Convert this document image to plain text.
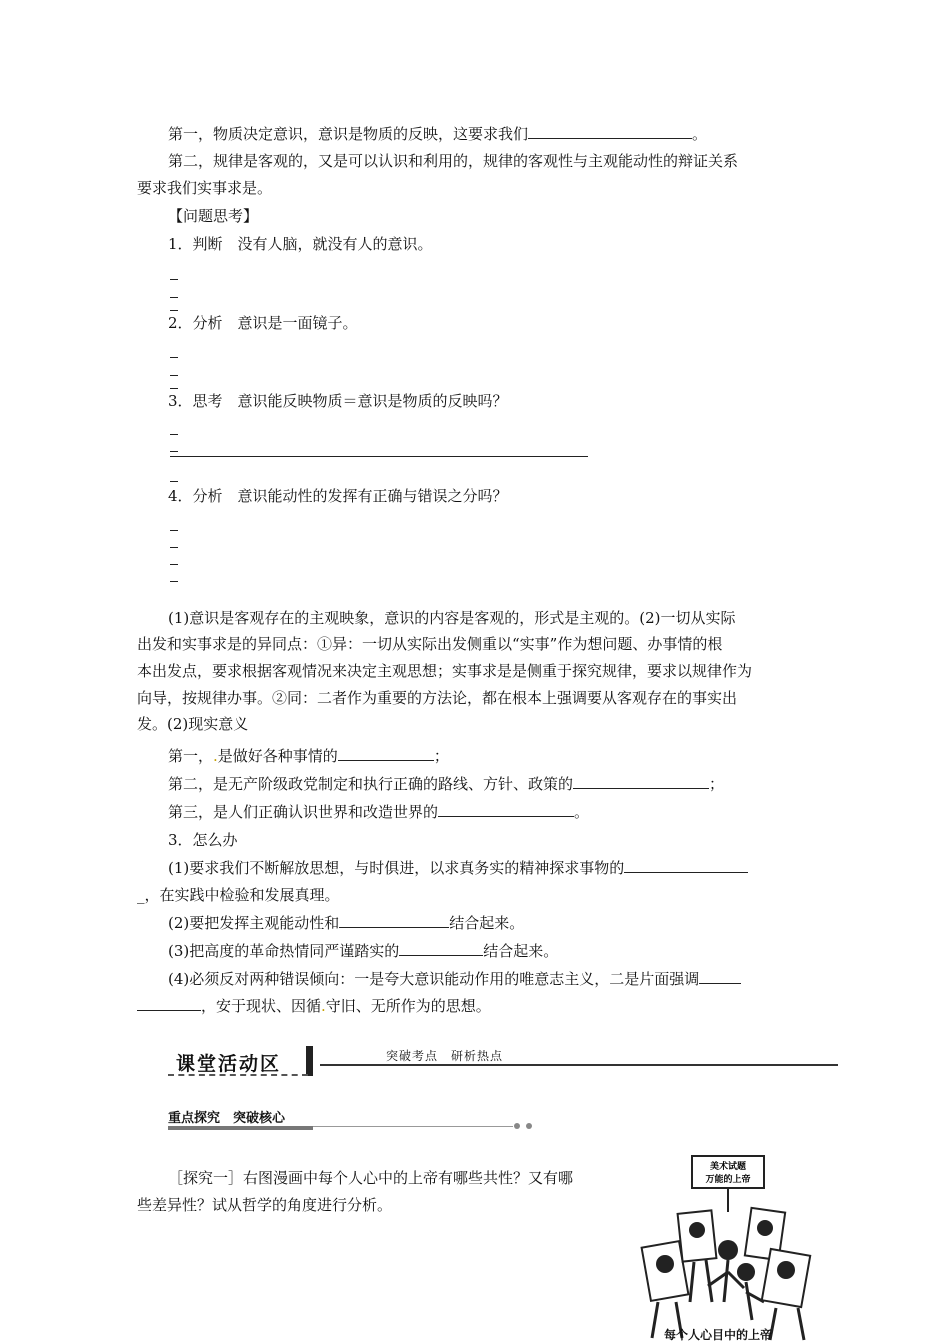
第一，物质决定意识，意识是物质的反映，这要求我们	。
第二，规律是客观的，又是可以认识和利用的，规律的客观性与主观能动性的辩证关系
要求我们实事求是。
【问题思考】
1．判断　没有人脑，就没有人的意识。
2．分析　意识是一面镜子。
3．思考　意识能反映物质＝意识是物质的反映吗？
4．分析　意识能动性的发挥有正确与错误之分吗？
(1)意识是客观存在的主观映象，意识的内容是客观的，形式是主观的。(2)一切从实际
出发和实事求是的异同点：①异：一切从实际出发侧重以“实事”作为想问题、办事情的根
本出发点，要求根据客观情况来决定主观思想；实事求是是侧重于探究规律，要求以规律作为
向导，按规律办事。②同：二者作为重要的方法论，都在根本上强调要从客观存在的事实出
发。(2)现实意义
第一，.是做好各种事情的	；
第二，是无产阶级政党制定和执行正确的路线、方针、政策的	；
第三，是人们正确认识世界和改造世界的	。
3．怎么办
(1)要求我们不断解放思想，与时俱进，以求真务实的精神探求事物的
_，在实践中检验和发展真理。
(2)要把发挥主观能动性和	结合起来。
(3)把高度的革命热情同严谨踏实的	结合起来。
(4)必须反对两种错误倾向：一是夸大意识能动作用的唯意志主义，二是片面强调
，安于现状、因循.守旧、无所作为的思想。
课堂活动区	突破考点　研析热点
重点探究　突破核心
［探究一］右图漫画中每个人心中的上帝有哪些共性？又有哪
些差异性？试从哲学的角度进行分析。
美术试题
万能的上帝
每个人心目中的上帝
